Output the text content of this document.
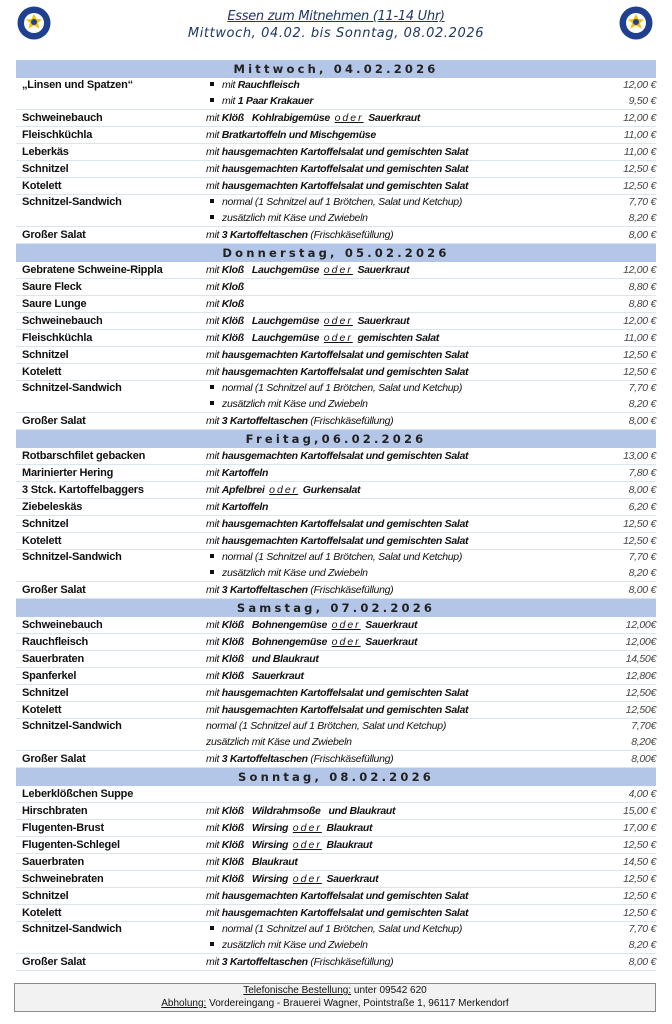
Essen zum Mitnehmen (11-14 Uhr)
Mittwoch, 04.02. bis Sonntag, 08.02.2026
Mittwoch, 04.02.2026
„Linsen und Spatzen“	mit Rauchfleisch	12,00 €
mit 1 Paar Krakauer	9,50 €
Schweinebauch	mit Klöß Kohlrabigemüse oder Sauerkraut	12,00 €
Fleischküchla	mit Bratkartoffeln und Mischgemüse	11,00 €
Leberkäs	mit hausgemachten Kartoffelsalat und gemischten Salat	11,00 €
Schnitzel	mit hausgemachten Kartoffelsalat und gemischten Salat	12,50 €
Kotelett	mit hausgemachten Kartoffelsalat und gemischten Salat	12,50 €
Schnitzel-Sandwich	normal (1 Schnitzel auf 1 Brötchen, Salat und Ketchup)	7,70 €
zusätzlich mit Käse und Zwiebeln	8,20 €
Großer Salat	mit 3 Kartoffeltaschen (Frischkäsefüllung)	8,00 €
Donnerstag, 05.02.2026
Gebratene Schweine-Rippla	mit Kloß Lauchgemüse oder Sauerkraut	12,00 €
Saure Fleck	mit Kloß	8,80 €
Saure Lunge	mit Kloß	8,80 €
Schweinebauch	mit Klöß Lauchgemüse oder Sauerkraut	12,00 €
Fleischküchla	mit Klöß Lauchgemüse oder gemischten Salat	11,00 €
Schnitzel	mit hausgemachten Kartoffelsalat und gemischten Salat	12,50 €
Kotelett	mit hausgemachten Kartoffelsalat und gemischten Salat	12,50 €
Schnitzel-Sandwich	normal (1 Schnitzel auf 1 Brötchen, Salat und Ketchup)	7,70 €
zusätzlich mit Käse und Zwiebeln	8,20 €
Großer Salat	mit 3 Kartoffeltaschen (Frischkäsefüllung)	8,00 €
Freitag,06.02.2026
Rotbarschfilet gebacken	mit hausgemachten Kartoffelsalat und gemischten Salat	13,00 €
Marinierter Hering	mit Kartoffeln	7,80 €
3 Stck. Kartoffelbaggers	mit Apfelbrei oder Gurkensalat	8,00 €
Ziebeleskäs	mit Kartoffeln	6,20 €
Schnitzel	mit hausgemachten Kartoffelsalat und gemischten Salat	12,50 €
Kotelett	mit hausgemachten Kartoffelsalat und gemischten Salat	12,50 €
Schnitzel-Sandwich	normal (1 Schnitzel auf 1 Brötchen, Salat und Ketchup)	7,70 €
zusätzlich mit Käse und Zwiebeln	8,20 €
Großer Salat	mit 3 Kartoffeltaschen (Frischkäsefüllung)	8,00 €
Samstag, 07.02.2026
Schweinebauch	mit Klöß Bohnengemüse oder Sauerkraut	12,00€
Rauchfleisch	mit Klöß Bohnengemüse oder Sauerkraut	12,00€
Sauerbraten	mit Klöß und Blaukraut	14,50€
Spanferkel	mit Klöß Sauerkraut	12,80€
Schnitzel	mit hausgemachten Kartoffelsalat und gemischten Salat	12,50€
Kotelett	mit hausgemachten Kartoffelsalat und gemischten Salat	12,50€
Schnitzel-Sandwich	normal (1 Schnitzel auf 1 Brötchen, Salat und Ketchup)	7,70€
zusätzlich mit Käse und Zwiebeln	8,20€
Großer Salat	mit 3 Kartoffeltaschen (Frischkäsefüllung)	8,00€
Sonntag, 08.02.2026
Leberklößchen Suppe	4,00 €
Hirschbraten	mit Klöß Wildrahmsoße und Blaukraut	15,00 €
Flugenten-Brust	mit Klöß Wirsing oder Blaukraut	17,00 €
Flugenten-Schlegel	mit Klöß Wirsing oder Blaukraut	12,50 €
Sauerbraten	mit Klöß Blaukraut	14,50 €
Schweinebraten	mit Klöß Wirsing oder Sauerkraut	12,50 €
Schnitzel	mit hausgemachten Kartoffelsalat und gemischten Salat	12,50 €
Kotelett	mit hausgemachten Kartoffelsalat und gemischten Salat	12,50 €
Schnitzel-Sandwich	normal (1 Schnitzel auf 1 Brötchen, Salat und Ketchup)	7,70 €
zusätzlich mit Käse und Zwiebeln	8,20 €
Großer Salat	mit 3 Kartoffeltaschen (Frischkäsefüllung)	8,00 €
Telefonische Bestellung: unter 09542 620
Abholung: Vordereingang - Brauerei Wagner, Pointstraße 1, 96117 Merkendorf
